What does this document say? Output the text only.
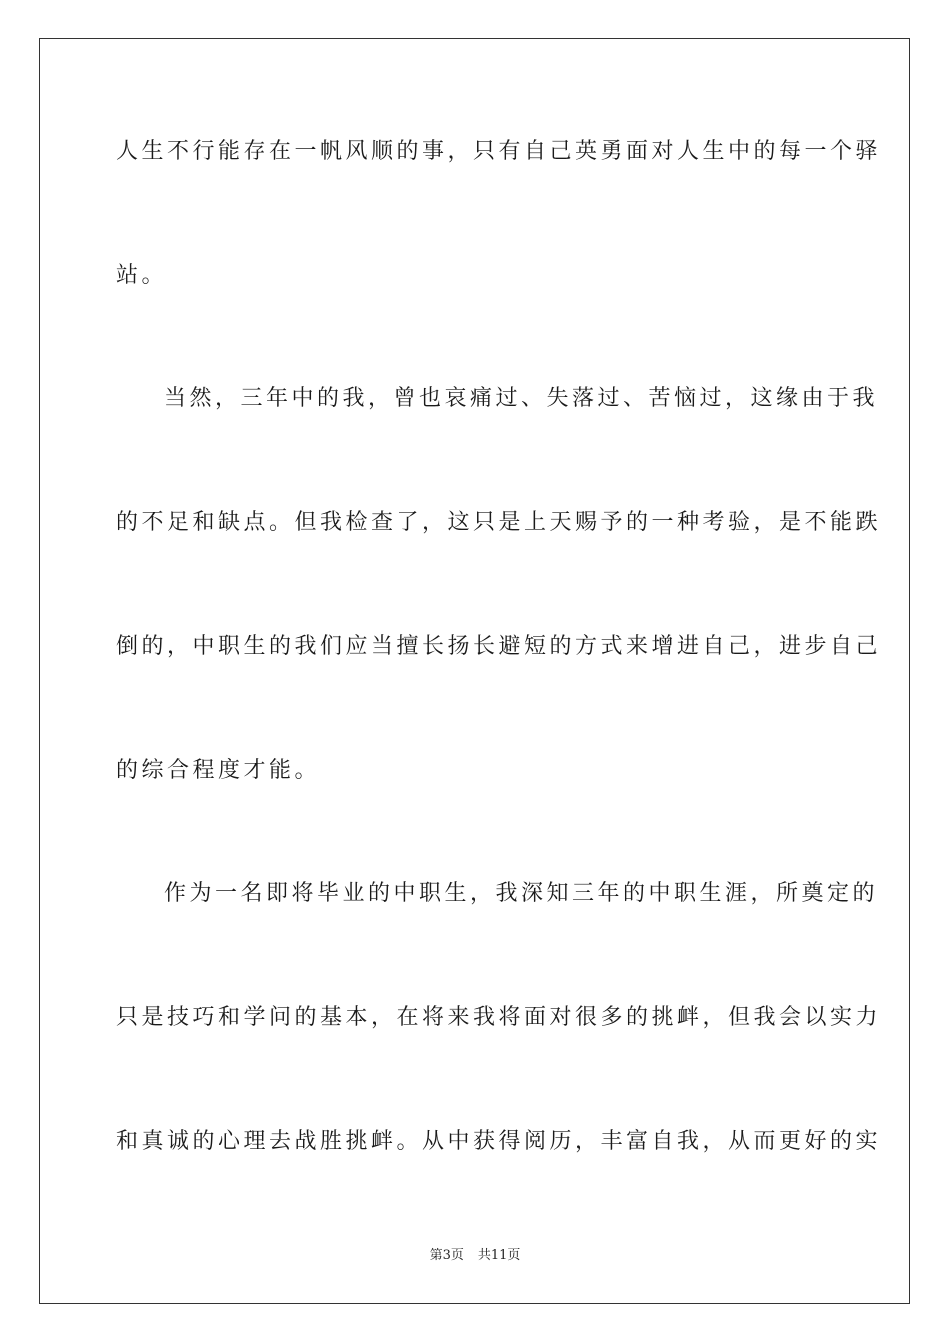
人生不行能存在一帆风顺的事，只有自己英勇面对人生中的每一个驿
站。
当然，三年中的我，曾也哀痛过、失落过、苦恼过，这缘由于我
的不足和缺点。但我检查了，这只是上天赐予的一种考验，是不能跌
倒的，中职生的我们应当擅长扬长避短的方式来增进自己，进步自己
的综合程度才能。
作为一名即将毕业的中职生，我深知三年的中职生涯，所奠定的
只是技巧和学问的基本，在将来我将面对很多的挑衅，但我会以实力
和真诚的心理去战胜挑衅。从中获得阅历，丰富自我，从而更好的实
第3页 共11页
